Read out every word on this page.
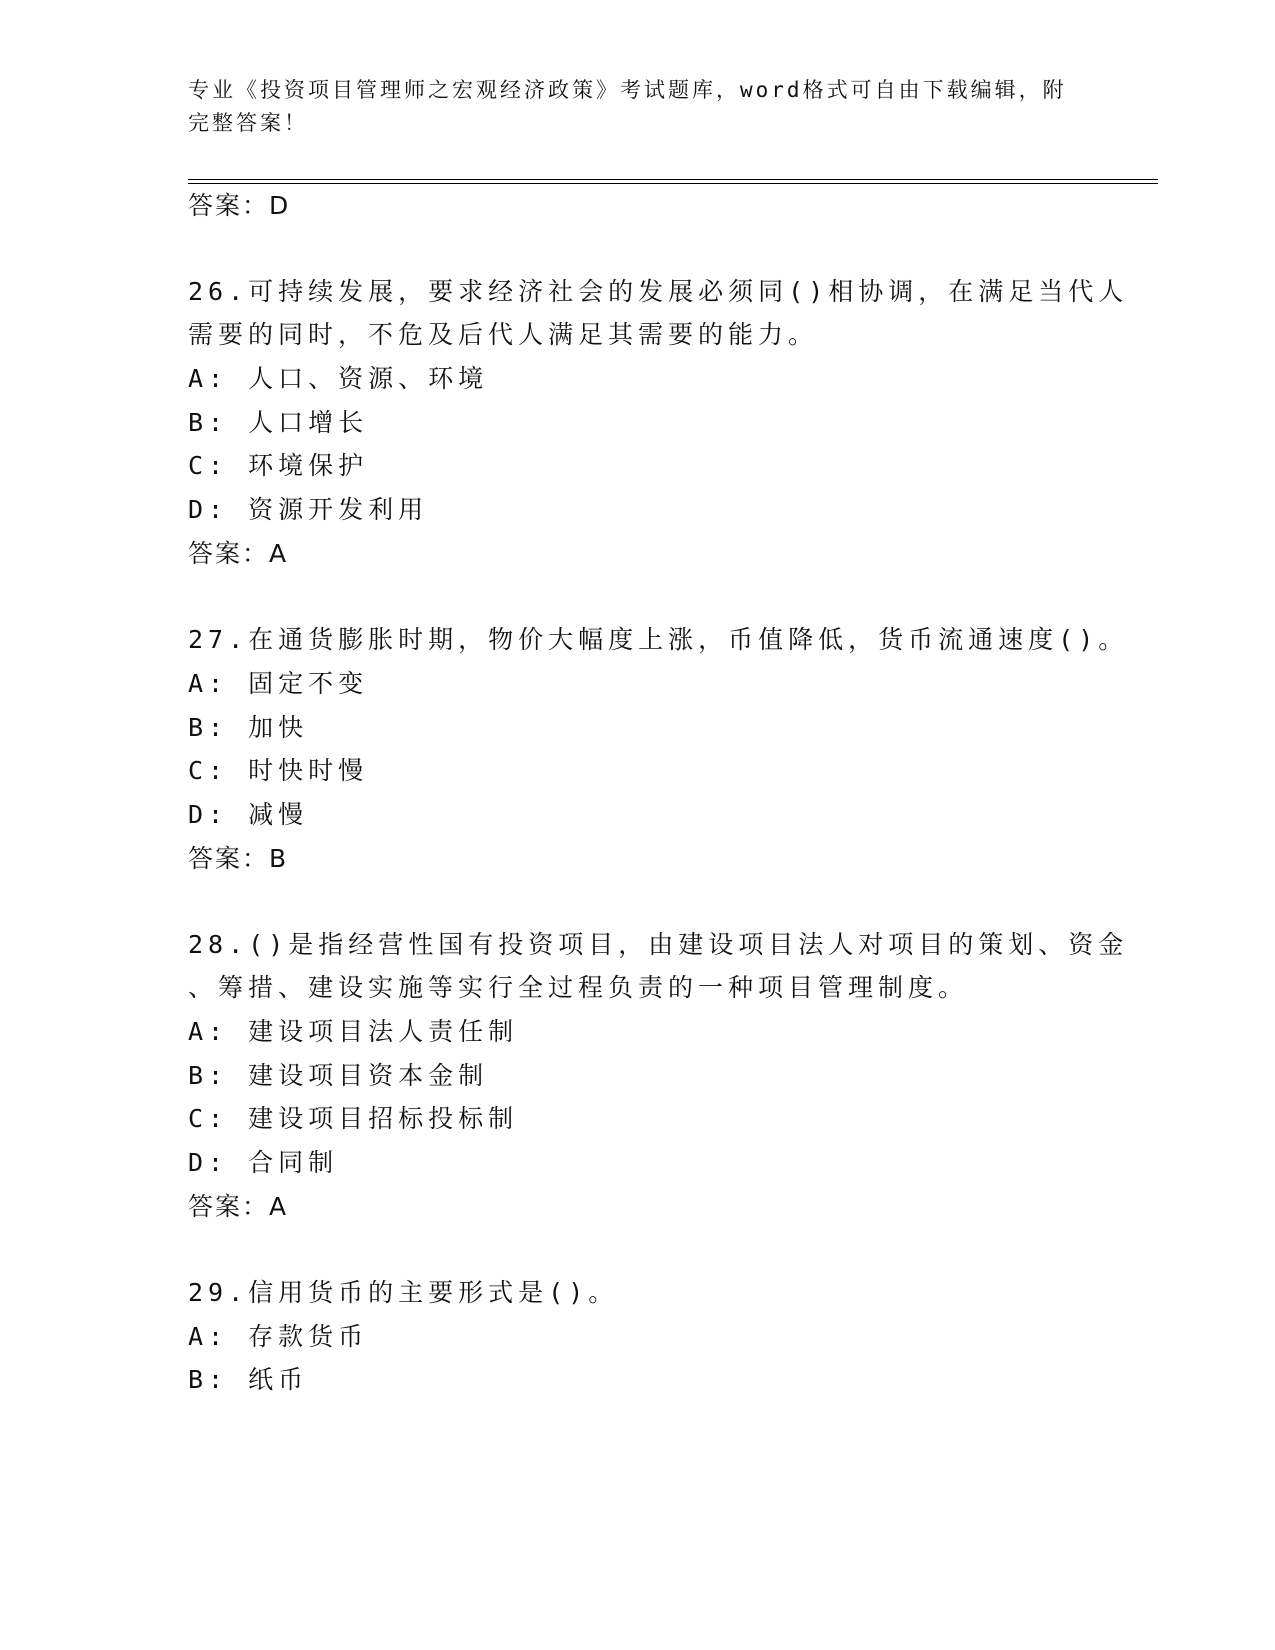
专业《投资项目管理师之宏观经济政策》考试题库，word格式可自由下载编辑，附完整答案！
答案：D
26.可持续发展，要求经济社会的发展必须同()相协调，在满足当代人
需要的同时，不危及后代人满足其需要的能力。
A: 人口、资源、环境
B: 人口增长
C: 环境保护
D: 资源开发利用
答案：A
27.在通货膨胀时期，物价大幅度上涨，币值降低，货币流通速度()。
A: 固定不变
B: 加快
C: 时快时慢
D: 减慢
答案：B
28.()是指经营性国有投资项目，由建设项目法人对项目的策划、资金
、筹措、建设实施等实行全过程负责的一种项目管理制度。
A: 建设项目法人责任制
B: 建设项目资本金制
C: 建设项目招标投标制
D: 合同制
答案：A
29.信用货币的主要形式是()。
A: 存款货币
B: 纸币
